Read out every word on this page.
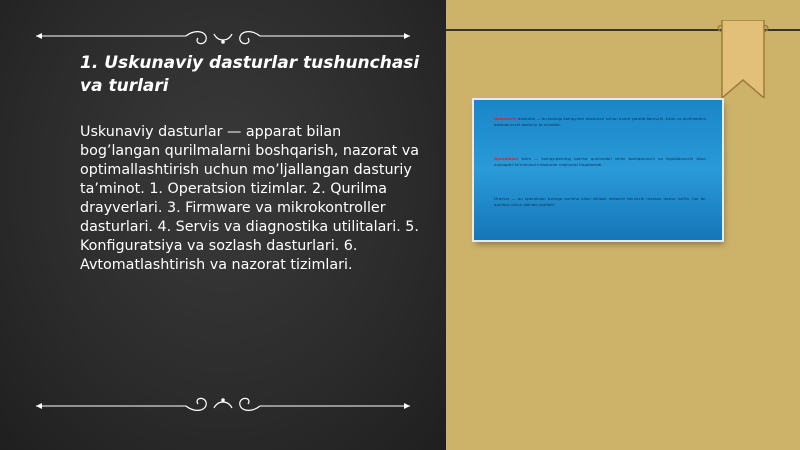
1. Uskunaviy dasturlar tushunchasi va turlari
Uskunaviy dasturlar — apparat bilan bog’langan qurilmalarni boshqarish, nazorat va optimallashtirish uchun mo’ljallangan dasturiy ta’minot. 1. Operatsion tizimlar. 2. Qurilma drayverlari. 3. Firmware va mikrokontroller dasturlari. 4. Servis va diagnostika utilitalari. 5. Konfiguratsiya va sozlash dasturlari. 6. Avtomatlashtirish va nazorat tizimlari.
Uskunaviy dasturlar — bu boshqa kompyuter dasturlari uchun muhit yaratib beruvchi, tizim va qurilmalarni boshqaruvchi dasturiy ta’minotdir.
Operatsion tizim — kompyuterning barcha qurilmalari ishini boshqaruvchi va foydalanuvchi bilan muloqotni ta’minlovchi dasturlar majmuasi hisoblanadi.
Drayver — bu operatsion tizimga qurilma bilan ishlash imkonini beruvchi maxsus dastur bo‘lib, har bir qurilma uchun alohida yoziladi.
